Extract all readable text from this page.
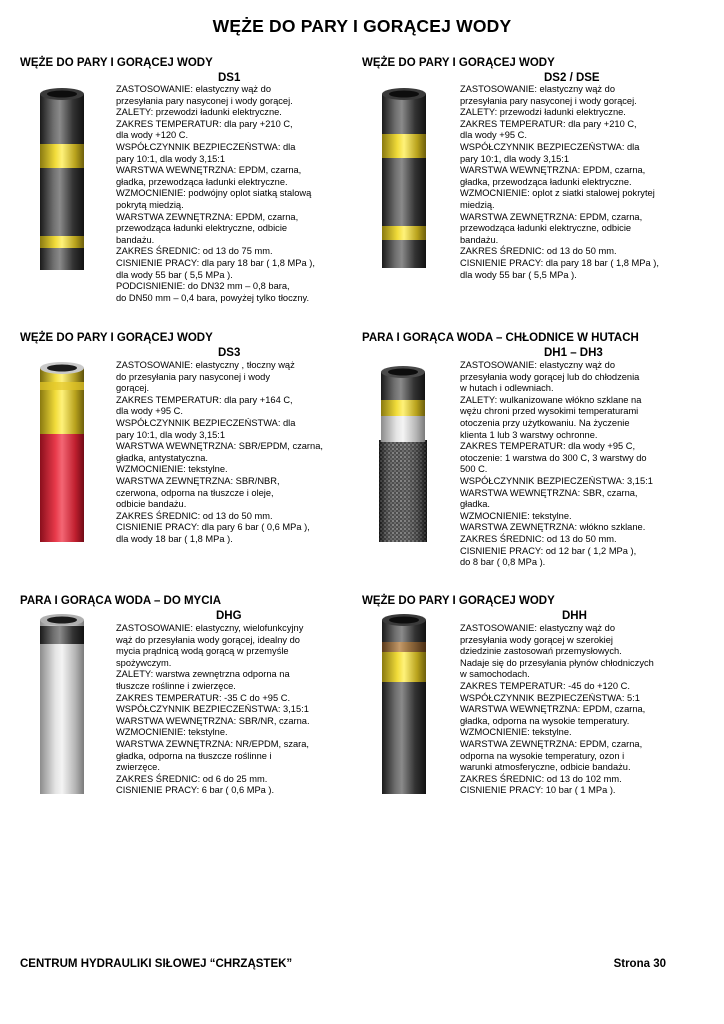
WĘŻE DO PARY I GORĄCEJ WODY
WĘŻE DO PARY I GORĄCEJ WODY
DS1
ZASTOSOWANIE: elastyczny wąż do
przesyłania pary nasyconej i wody gorącej.
ZALETY: przewodzi ładunki elektryczne.
ZAKRES TEMPERATUR: dla pary +210 C,
dla wody +120 C.
WSPÓŁCZYNNIK BEZPIECZEŃSTWA: dla
pary 10:1, dla wody 3,15:1
WARSTWA WEWNĘTRZNA: EPDM, czarna,
gładka, przewodząca ładunki elektryczne.
WZMOCNIENIE: podwójny oplot siatką stalową
pokrytą miedzią.
WARSTWA ZEWNĘTRZNA: EPDM, czarna,
przewodząca ładunki elektryczne, odbicie
bandażu.
ZAKRES ŚREDNIC: od 13 do 75 mm.
CISNIENIE PRACY: dla pary 18 bar ( 1,8 MPa ),
dla wody 55 bar ( 5,5 MPa ).
PODCISNIENIE: do DN32 mm – 0,8 bara,
do DN50 mm – 0,4 bara, powyżej tylko tłoczny.
WĘŻE DO PARY I GORĄCEJ WODY
DS2 / DSE
ZASTOSOWANIE: elastyczny wąż do
przesyłania pary nasyconej i wody gorącej.
ZALETY: przewodzi ładunki elektryczne.
ZAKRES TEMPERATUR: dla pary +210 C,
dla wody +95 C.
WSPÓŁCZYNNIK BEZPIECZEŃSTWA: dla
pary 10:1, dla wody 3,15:1
WARSTWA WEWNĘTRZNA: EPDM, czarna,
gładka, przewodząca ładunki elektryczne.
WZMOCNIENIE: oplot z siatki stalowej pokrytej
miedzią.
WARSTWA ZEWNĘTRZNA: EPDM, czarna,
przewodząca ładunki elektryczne, odbicie
bandażu.
ZAKRES ŚREDNIC: od 13 do 50 mm.
CISNIENIE PRACY: dla pary 18 bar ( 1,8 MPa ),
dla wody 55 bar ( 5,5 MPa ).
WĘŻE DO PARY I GORĄCEJ WODY
DS3
ZASTOSOWANIE: elastyczny , tłoczny wąż
do przesyłania pary nasyconej i wody
gorącej.
ZAKRES TEMPERATUR: dla pary +164 C,
dla wody +95 C.
WSPÓŁCZYNNIK BEZPIECZEŃSTWA: dla
pary 10:1, dla wody 3,15:1
WARSTWA WEWNĘTRZNA: SBR/EPDM, czarna,
gładka, antystatyczna.
WZMOCNIENIE: tekstylne.
WARSTWA ZEWNĘTRZNA: SBR/NBR,
czerwona, odporna na tłuszcze i oleje,
odbicie bandażu.
ZAKRES ŚREDNIC: od 13 do 50 mm.
CISNIENIE PRACY: dla pary 6 bar ( 0,6 MPa ),
dla wody 18 bar ( 1,8 MPa ).
PARA I GORĄCA WODA – CHŁODNICE W HUTACH
DH1 – DH3
ZASTOSOWANIE: elastyczny wąż do
przesyłania wody gorącej lub do chłodzenia
w hutach i odlewniach.
ZALETY: wulkanizowane włókno szklane na
wężu chroni przed wysokimi temperaturami
otoczenia przy użytkowaniu. Na życzenie
klienta 1 lub 3 warstwy ochronne.
ZAKRES TEMPERATUR: dla wody +95 C,
otoczenie: 1 warstwa do 300 C, 3 warstwy do
500 C.
WSPÓŁCZYNNIK BEZPIECZEŃSTWA: 3,15:1
WARSTWA WEWNĘTRZNA: SBR, czarna,
gładka.
WZMOCNIENIE: tekstylne.
WARSTWA ZEWNĘTRZNA: włókno szklane.
ZAKRES ŚREDNIC: od 13 do 50 mm.
CISNIENIE PRACY: od 12 bar ( 1,2 MPa ),
do 8 bar ( 0,8 MPa ).
PARA I GORĄCA WODA – DO MYCIA
DHG
ZASTOSOWANIE: elastyczny, wielofunkcyjny
wąż do przesyłania wody gorącej, idealny do
mycia prądnicą wodą gorącą w przemyśle
spożywczym.
ZALETY: warstwa zewnętrzna odporna na
tłuszcze roślinne i zwierzęce.
ZAKRES TEMPERATUR: -35 C do +95 C.
WSPÓŁCZYNNIK BEZPIECZEŃSTWA: 3,15:1
WARSTWA WEWNĘTRZNA: SBR/NR, czarna.
WZMOCNIENIE: tekstylne.
WARSTWA ZEWNĘTRZNA: NR/EPDM, szara,
gładka, odporna na tłuszcze roślinne i
zwierzęce.
ZAKRES ŚREDNIC: od 6 do 25 mm.
CISNIENIE PRACY: 6 bar ( 0,6 MPa ).
WĘŻE DO PARY I GORĄCEJ WODY
DHH
ZASTOSOWANIE: elastyczny wąż do
przesyłania wody gorącej w szerokiej
dziedzinie zastosowań przemysłowych.
Nadaje się do przesyłania płynów chłodniczych
w samochodach.
ZAKRES TEMPERATUR: -45 do +120 C.
WSPÓŁCZYNNIK BEZPIECZEŃSTWA: 5:1
WARSTWA WEWNĘTRZNA: EPDM, czarna,
gładka, odporna na wysokie temperatury.
WZMOCNIENIE: tekstylne.
WARSTWA ZEWNĘTRZNA: EPDM, czarna,
odporna na wysokie temperatury, ozon i
warunki atmosferyczne, odbicie bandażu.
ZAKRES ŚREDNIC: od 13 do 102 mm.
CISNIENIE PRACY: 10 bar ( 1 MPa ).
CENTRUM HYDRAULIKI SIŁOWEJ “CHRZĄSTEK”	Strona 30
